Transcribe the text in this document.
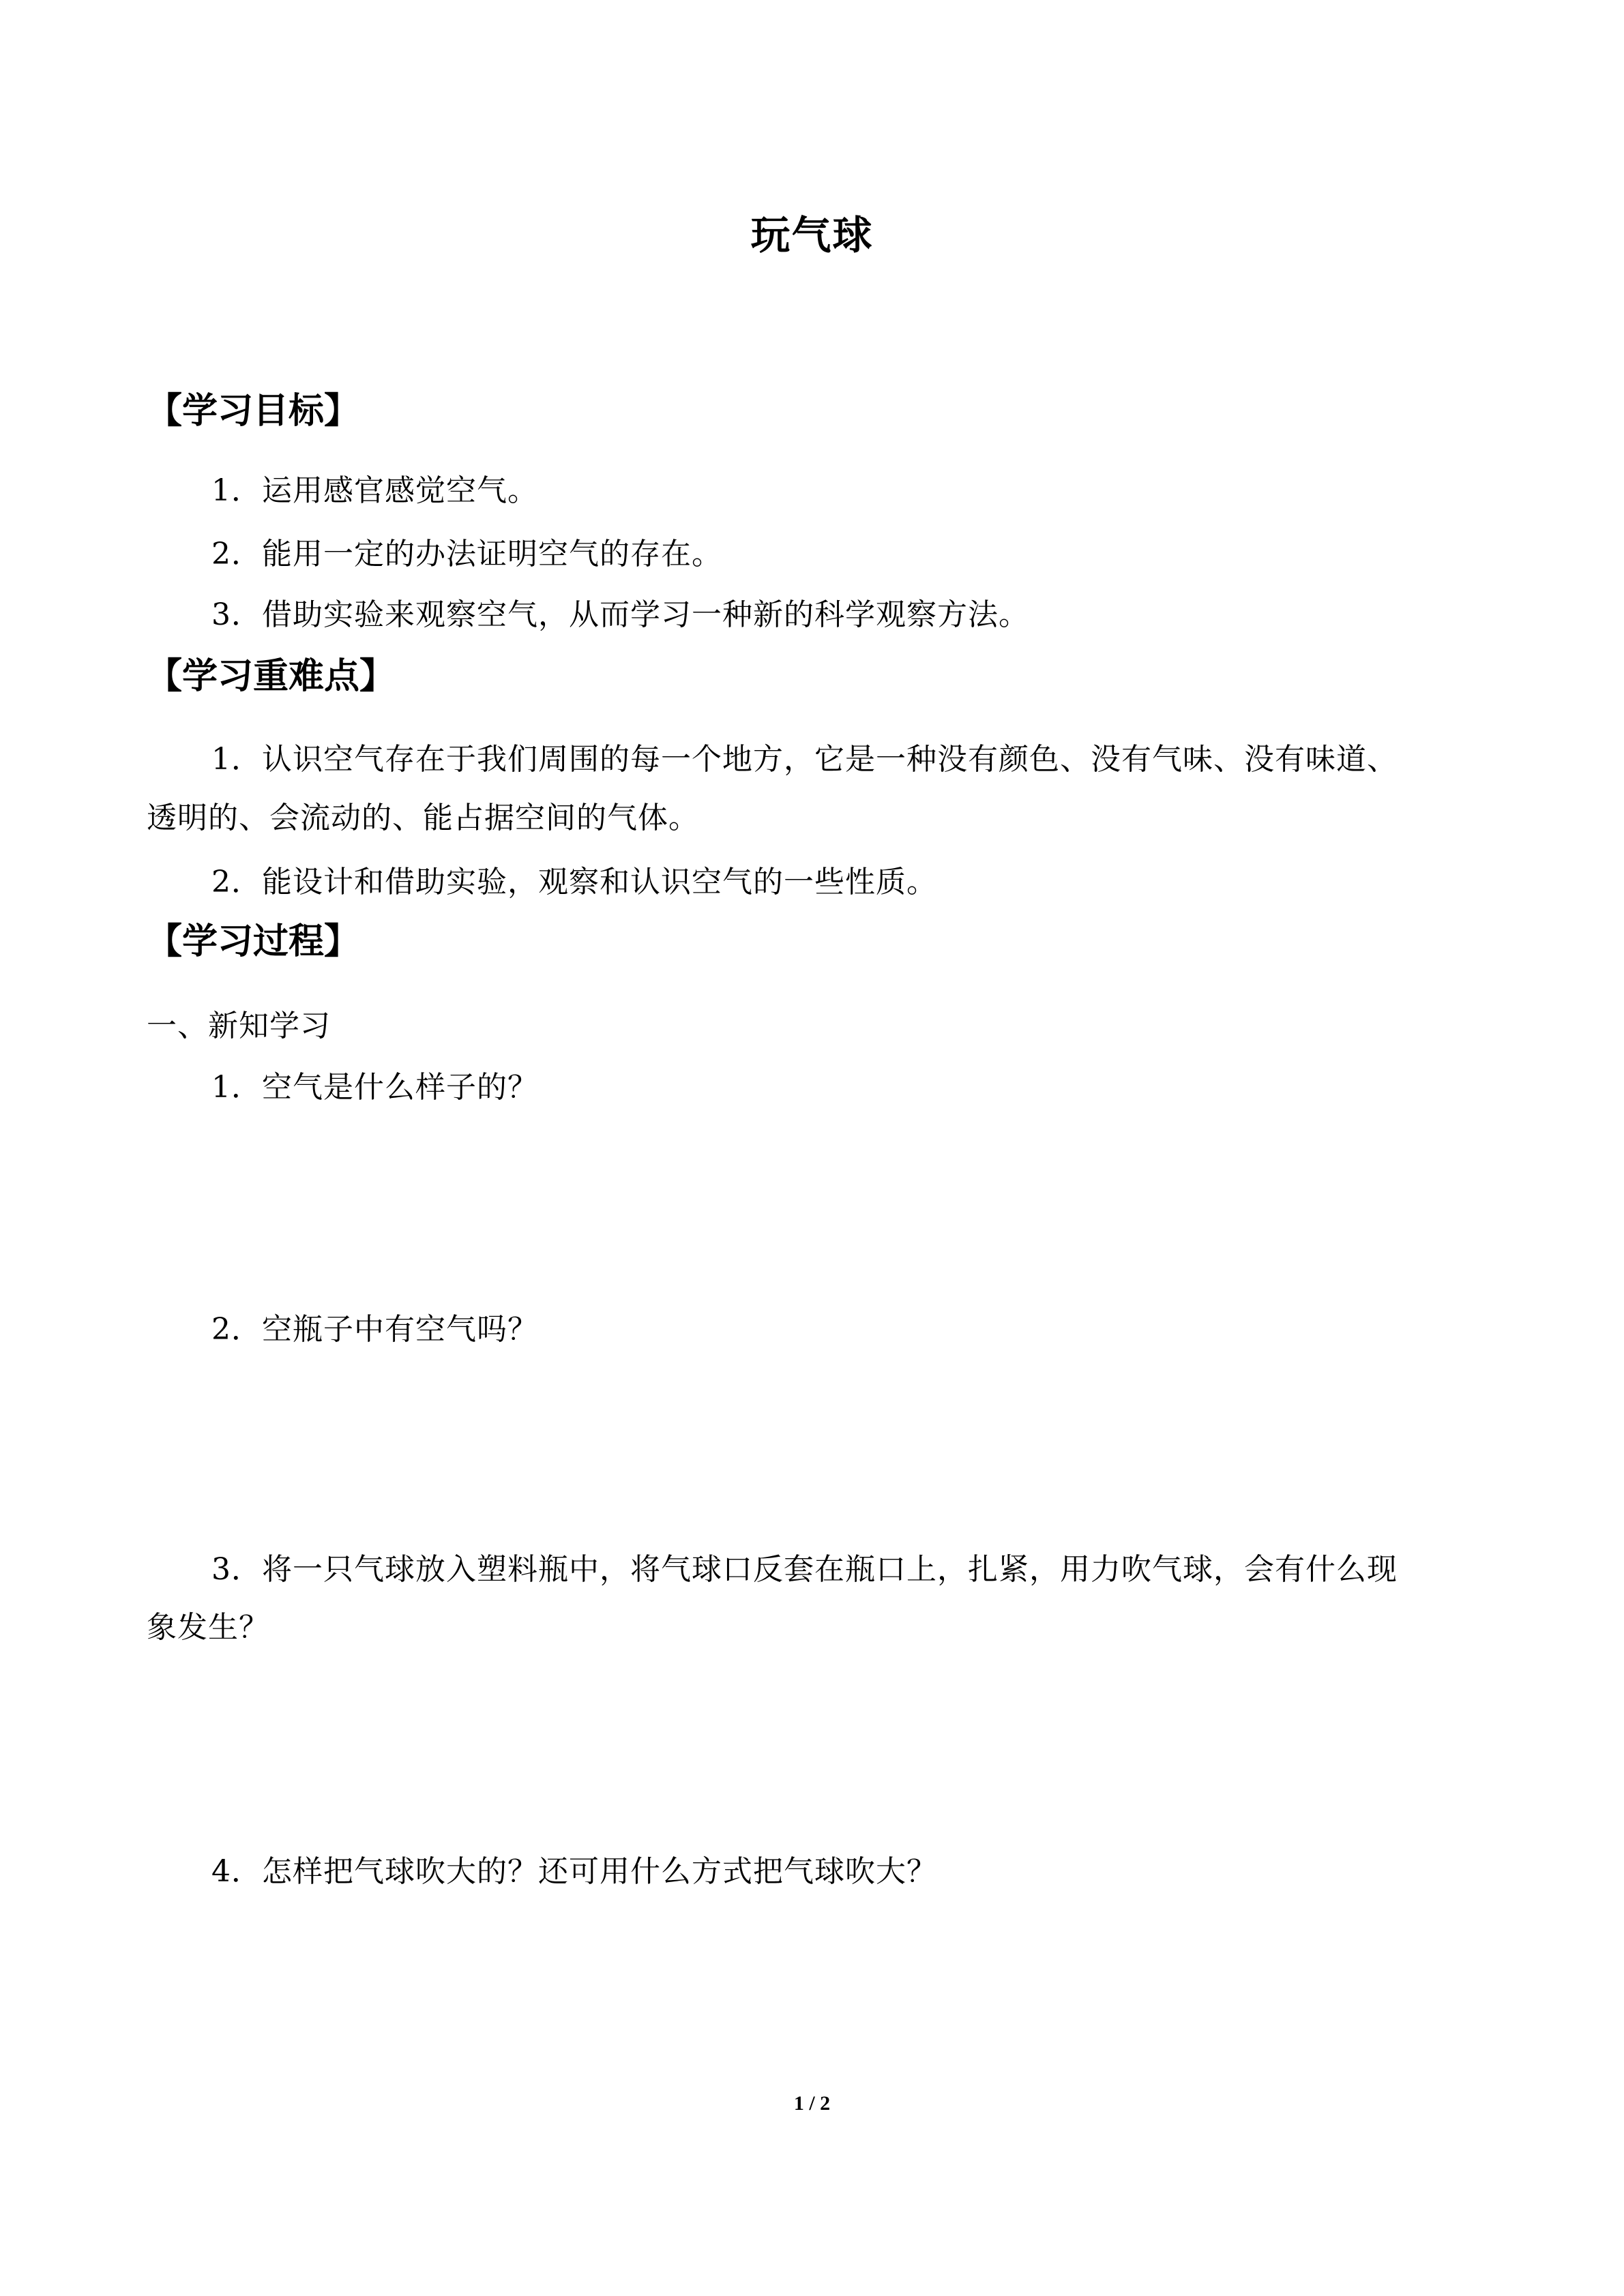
玩气球
【学习目标】
1．运用感官感觉空气。
2．能用一定的办法证明空气的存在。
3．借助实验来观察空气，从而学习一种新的科学观察方法。
【学习重难点】
1．认识空气存在于我们周围的每一个地方，它是一种没有颜色、没有气味、没有味道、
透明的、会流动的、能占据空间的气体。
2．能设计和借助实验，观察和认识空气的一些性质。
【学习过程】
一、新知学习
1．空气是什么样子的？
2．空瓶子中有空气吗？
3．将一只气球放入塑料瓶中，将气球口反套在瓶口上，扎紧，用力吹气球，会有什么现
象发生？
4．怎样把气球吹大的？还可用什么方式把气球吹大？
1 / 2
